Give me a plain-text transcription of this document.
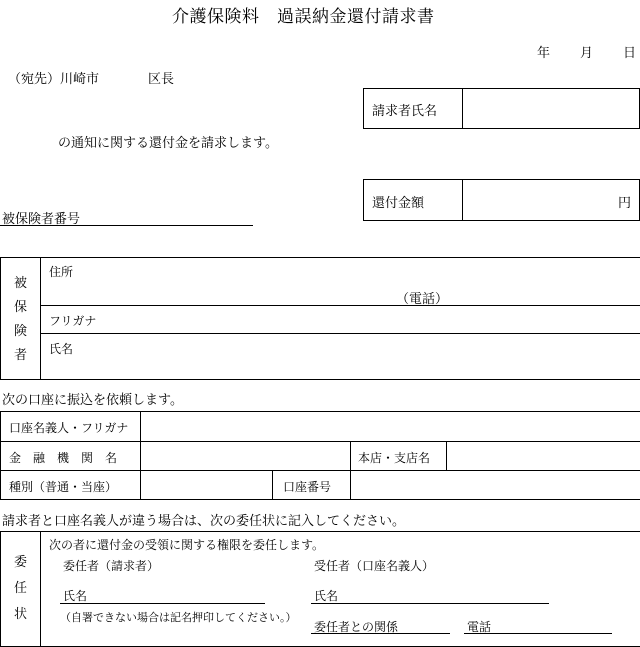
介護保険料　過誤納金還付請求書
年 月 日
（宛先）川崎市	区長
請求者氏名
の通知に関する還付金を請求します。
還付金額	円
被保険者番号
被
保
険
者
住所
（電話）
フリガナ
氏名
次の口座に振込を依頼します。
口座名義人・フリガナ
金　融　機　関　名	本店・支店名
種別（普通・当座）	口座番号
請求者と口座名義人が違う場合は、次の委任状に記入してください。
委
任
状
次の者に還付金の受領に関する権限を委任します。
委任者（請求者）	受任者（口座名義人）
氏名	氏名
（自署できない場合は記名押印してください。）
委任者との関係	電話
